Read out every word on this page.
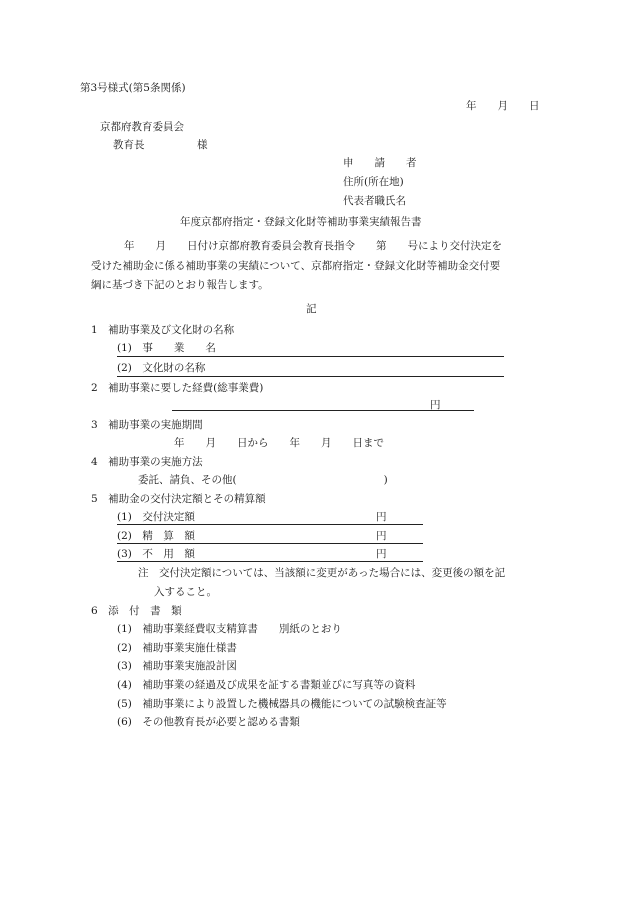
第3号様式(第5条関係)
年　　月　　日
京都府教育委員会
教育長　　　　　様
申　　請　　者
住所(所在地)
代表者職氏名
年度京都府指定・登録文化財等補助事業実績報告書
年　　月　　日付け京都府教育委員会教育長指令　　第　　号により交付決定を
受けた補助金に係る補助事業の実績について、京都府指定・登録文化財等補助金交付要
綱に基づき下記のとおり報告します。
記
1　補助事業及び文化財の名称
(1)　事　　業　　名
(2)　文化財の名称
2　補助事業に要した経費(総事業費)
円
3　補助事業の実施期間
年　　月　　日から　　年　　月　　日まで
4　補助事業の実施方法
委託、請負、その他(　　　　　　　　　　　　　　)
5　補助金の交付決定額とその精算額
(1)　交付決定額	円
(2)　精　算　額	円
(3)　不　用　額	円
注　交付決定額については、当該額に変更があった場合には、変更後の額を記
入すること。
6　添　付　書　類
(1)　補助事業経費収支精算書　　別紙のとおり
(2)　補助事業実施仕様書
(3)　補助事業実施設計図
(4)　補助事業の経過及び成果を証する書類並びに写真等の資料
(5)　補助事業により設置した機械器具の機能についての試験検査証等
(6)　その他教育長が必要と認める書類
